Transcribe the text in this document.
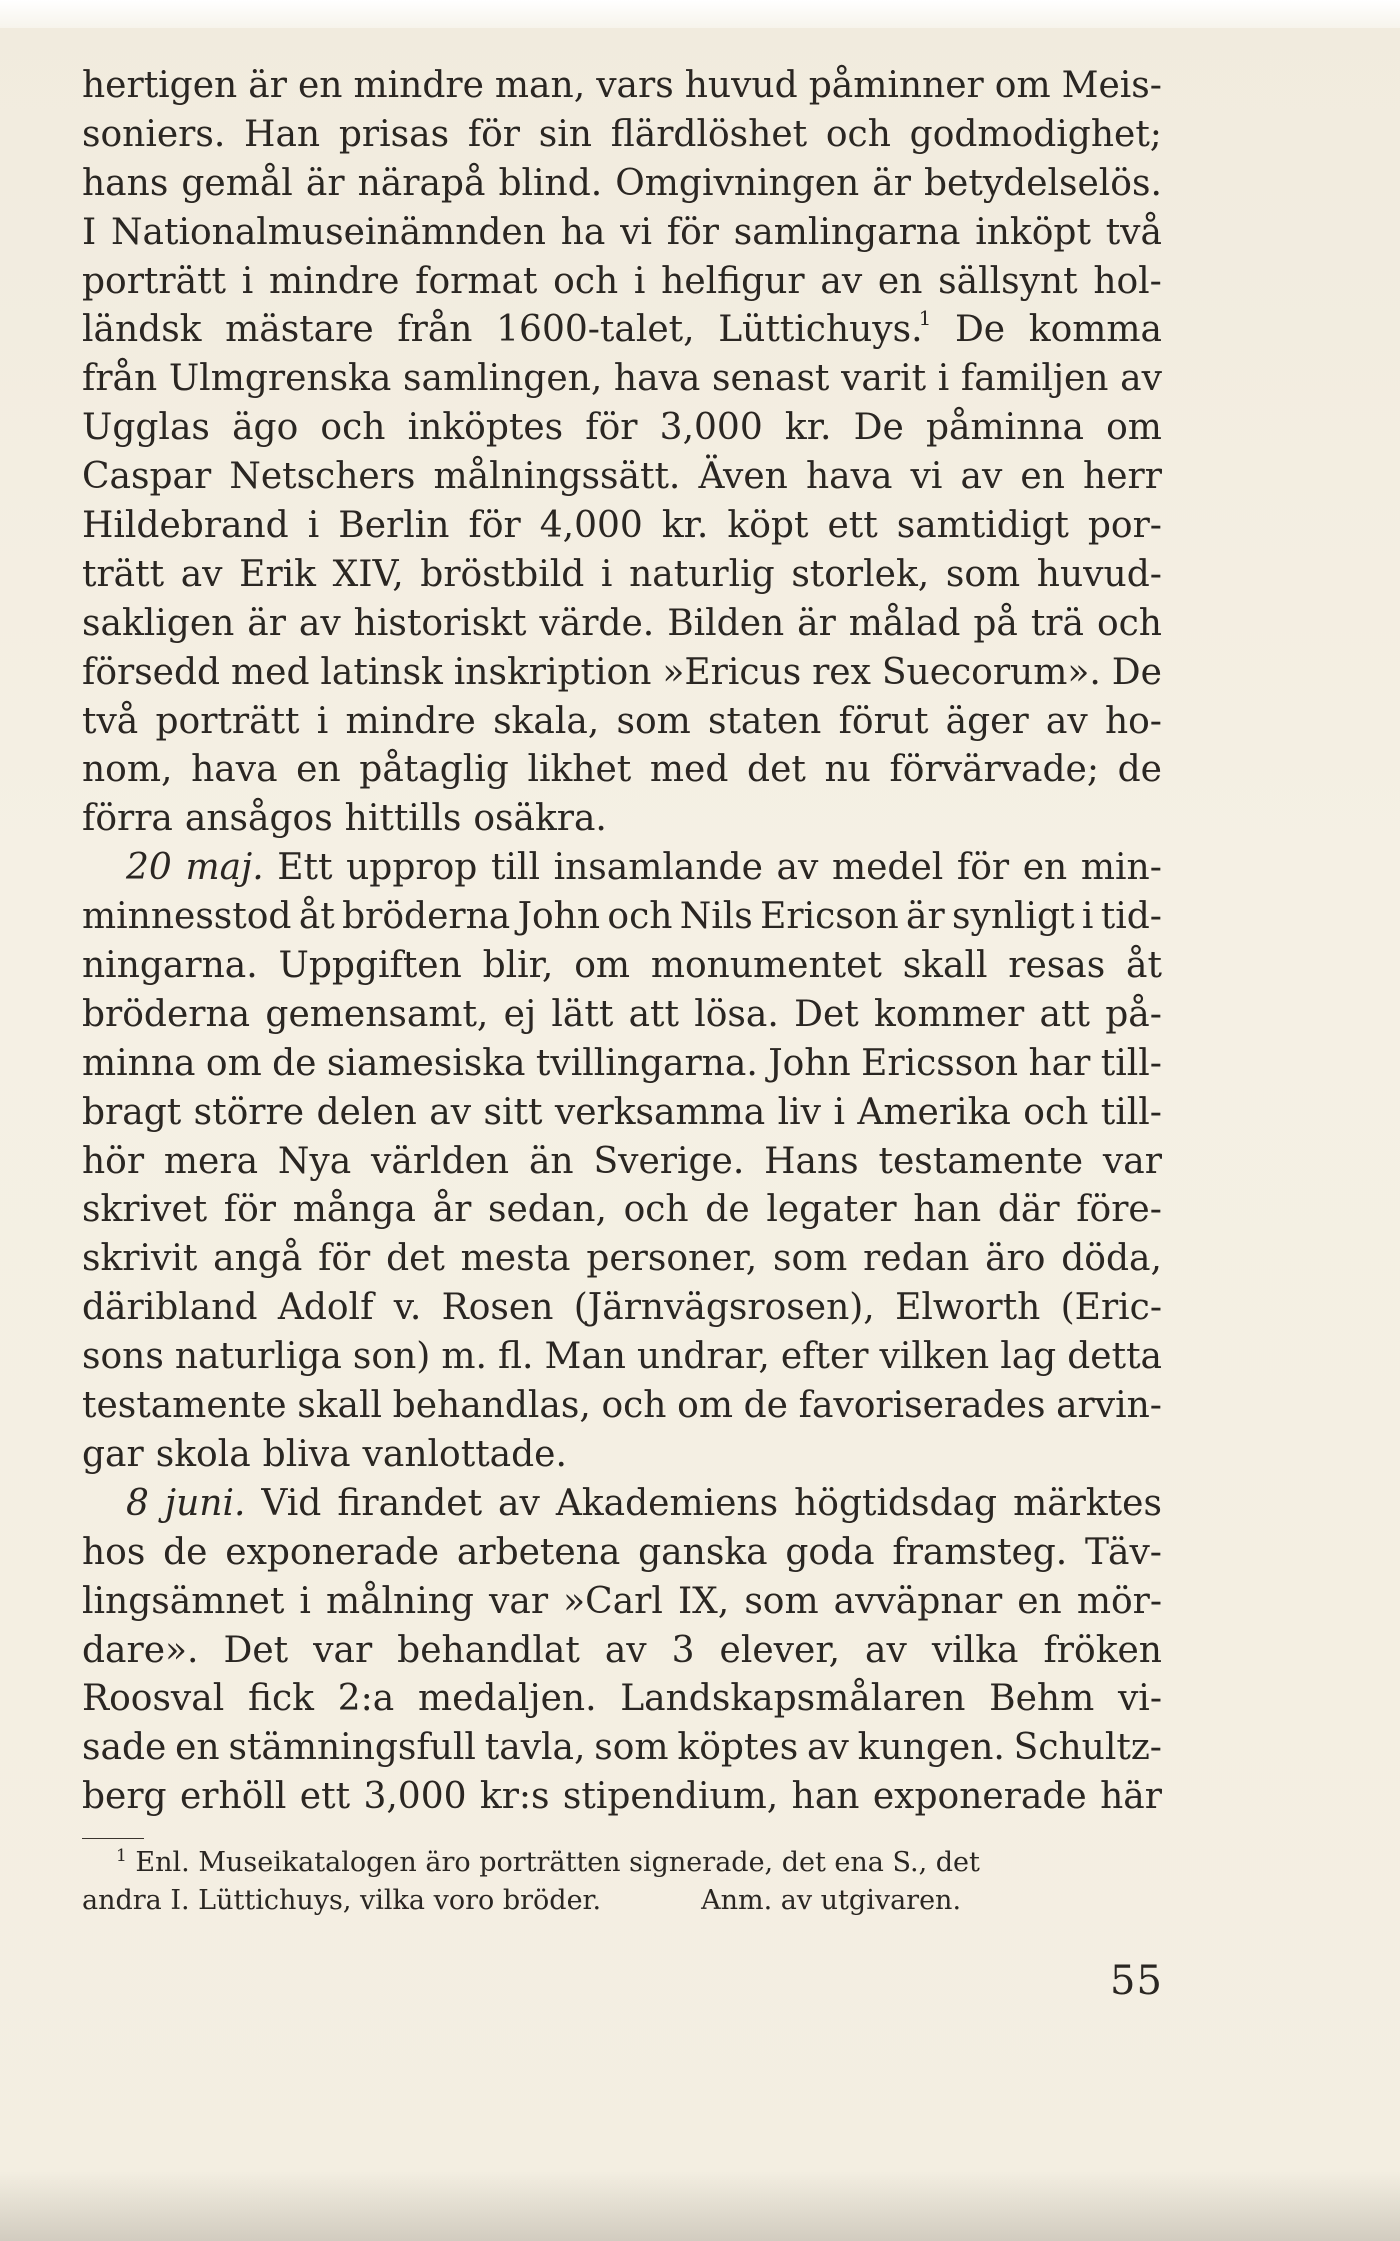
hertigen är en mindre man, vars huvud påminner om Meis-
soniers. Han prisas för sin flärdlöshet och godmodighet;
hans gemål är närapå blind. Omgivningen är betydelselös.
I Nationalmuseinämnden ha vi för samlingarna inköpt två
porträtt i mindre format och i helfigur av en sällsynt hol-
ländsk mästare från 1600-talet, Lüttichuys.1 De komma
från Ulmgrenska samlingen, hava senast varit i familjen av
Ugglas ägo och inköptes för 3,000 kr. De påminna om
Caspar Netschers målningssätt. Även hava vi av en herr
Hildebrand i Berlin för 4,000 kr. köpt ett samtidigt por-
trätt av Erik XIV, bröstbild i naturlig storlek, som huvud-
sakligen är av historiskt värde. Bilden är målad på trä och
försedd med latinsk inskription »Ericus rex Suecorum». De
två porträtt i mindre skala, som staten förut äger av ho-
nom, hava en påtaglig likhet med det nu förvärvade; de
förra ansågos hittills osäkra.
20 maj. Ett upprop till insamlande av medel för en min-
minnesstod åt bröderna John och Nils Ericson är synligt i tid-
ningarna. Uppgiften blir, om monumentet skall resas åt
bröderna gemensamt, ej lätt att lösa. Det kommer att på-
minna om de siamesiska tvillingarna. John Ericsson har till-
bragt större delen av sitt verksamma liv i Amerika och till-
hör mera Nya världen än Sverige. Hans testamente var
skrivet för många år sedan, och de legater han där före-
skrivit angå för det mesta personer, som redan äro döda,
däribland Adolf v. Rosen (Järnvägsrosen), Elworth (Eric-
sons naturliga son) m. fl. Man undrar, efter vilken lag detta
testamente skall behandlas, och om de favoriserades arvin-
gar skola bliva vanlottade.
8 juni. Vid firandet av Akademiens högtidsdag märktes
hos de exponerade arbetena ganska goda framsteg. Täv-
lingsämnet i målning var »Carl IX, som avväpnar en mör-
dare». Det var behandlat av 3 elever, av vilka fröken
Roosval fick 2:a medaljen. Landskapsmålaren Behm vi-
sade en stämningsfull tavla, som köptes av kungen. Schultz-
berg erhöll ett 3,000 kr:s stipendium, han exponerade här
$^1$ Enl. Museikatalogen äro porträtten signerade, det ena S., det
andra I. Lüttichuys, vilka voro bröder.	Anm. av utgivaren.
55
